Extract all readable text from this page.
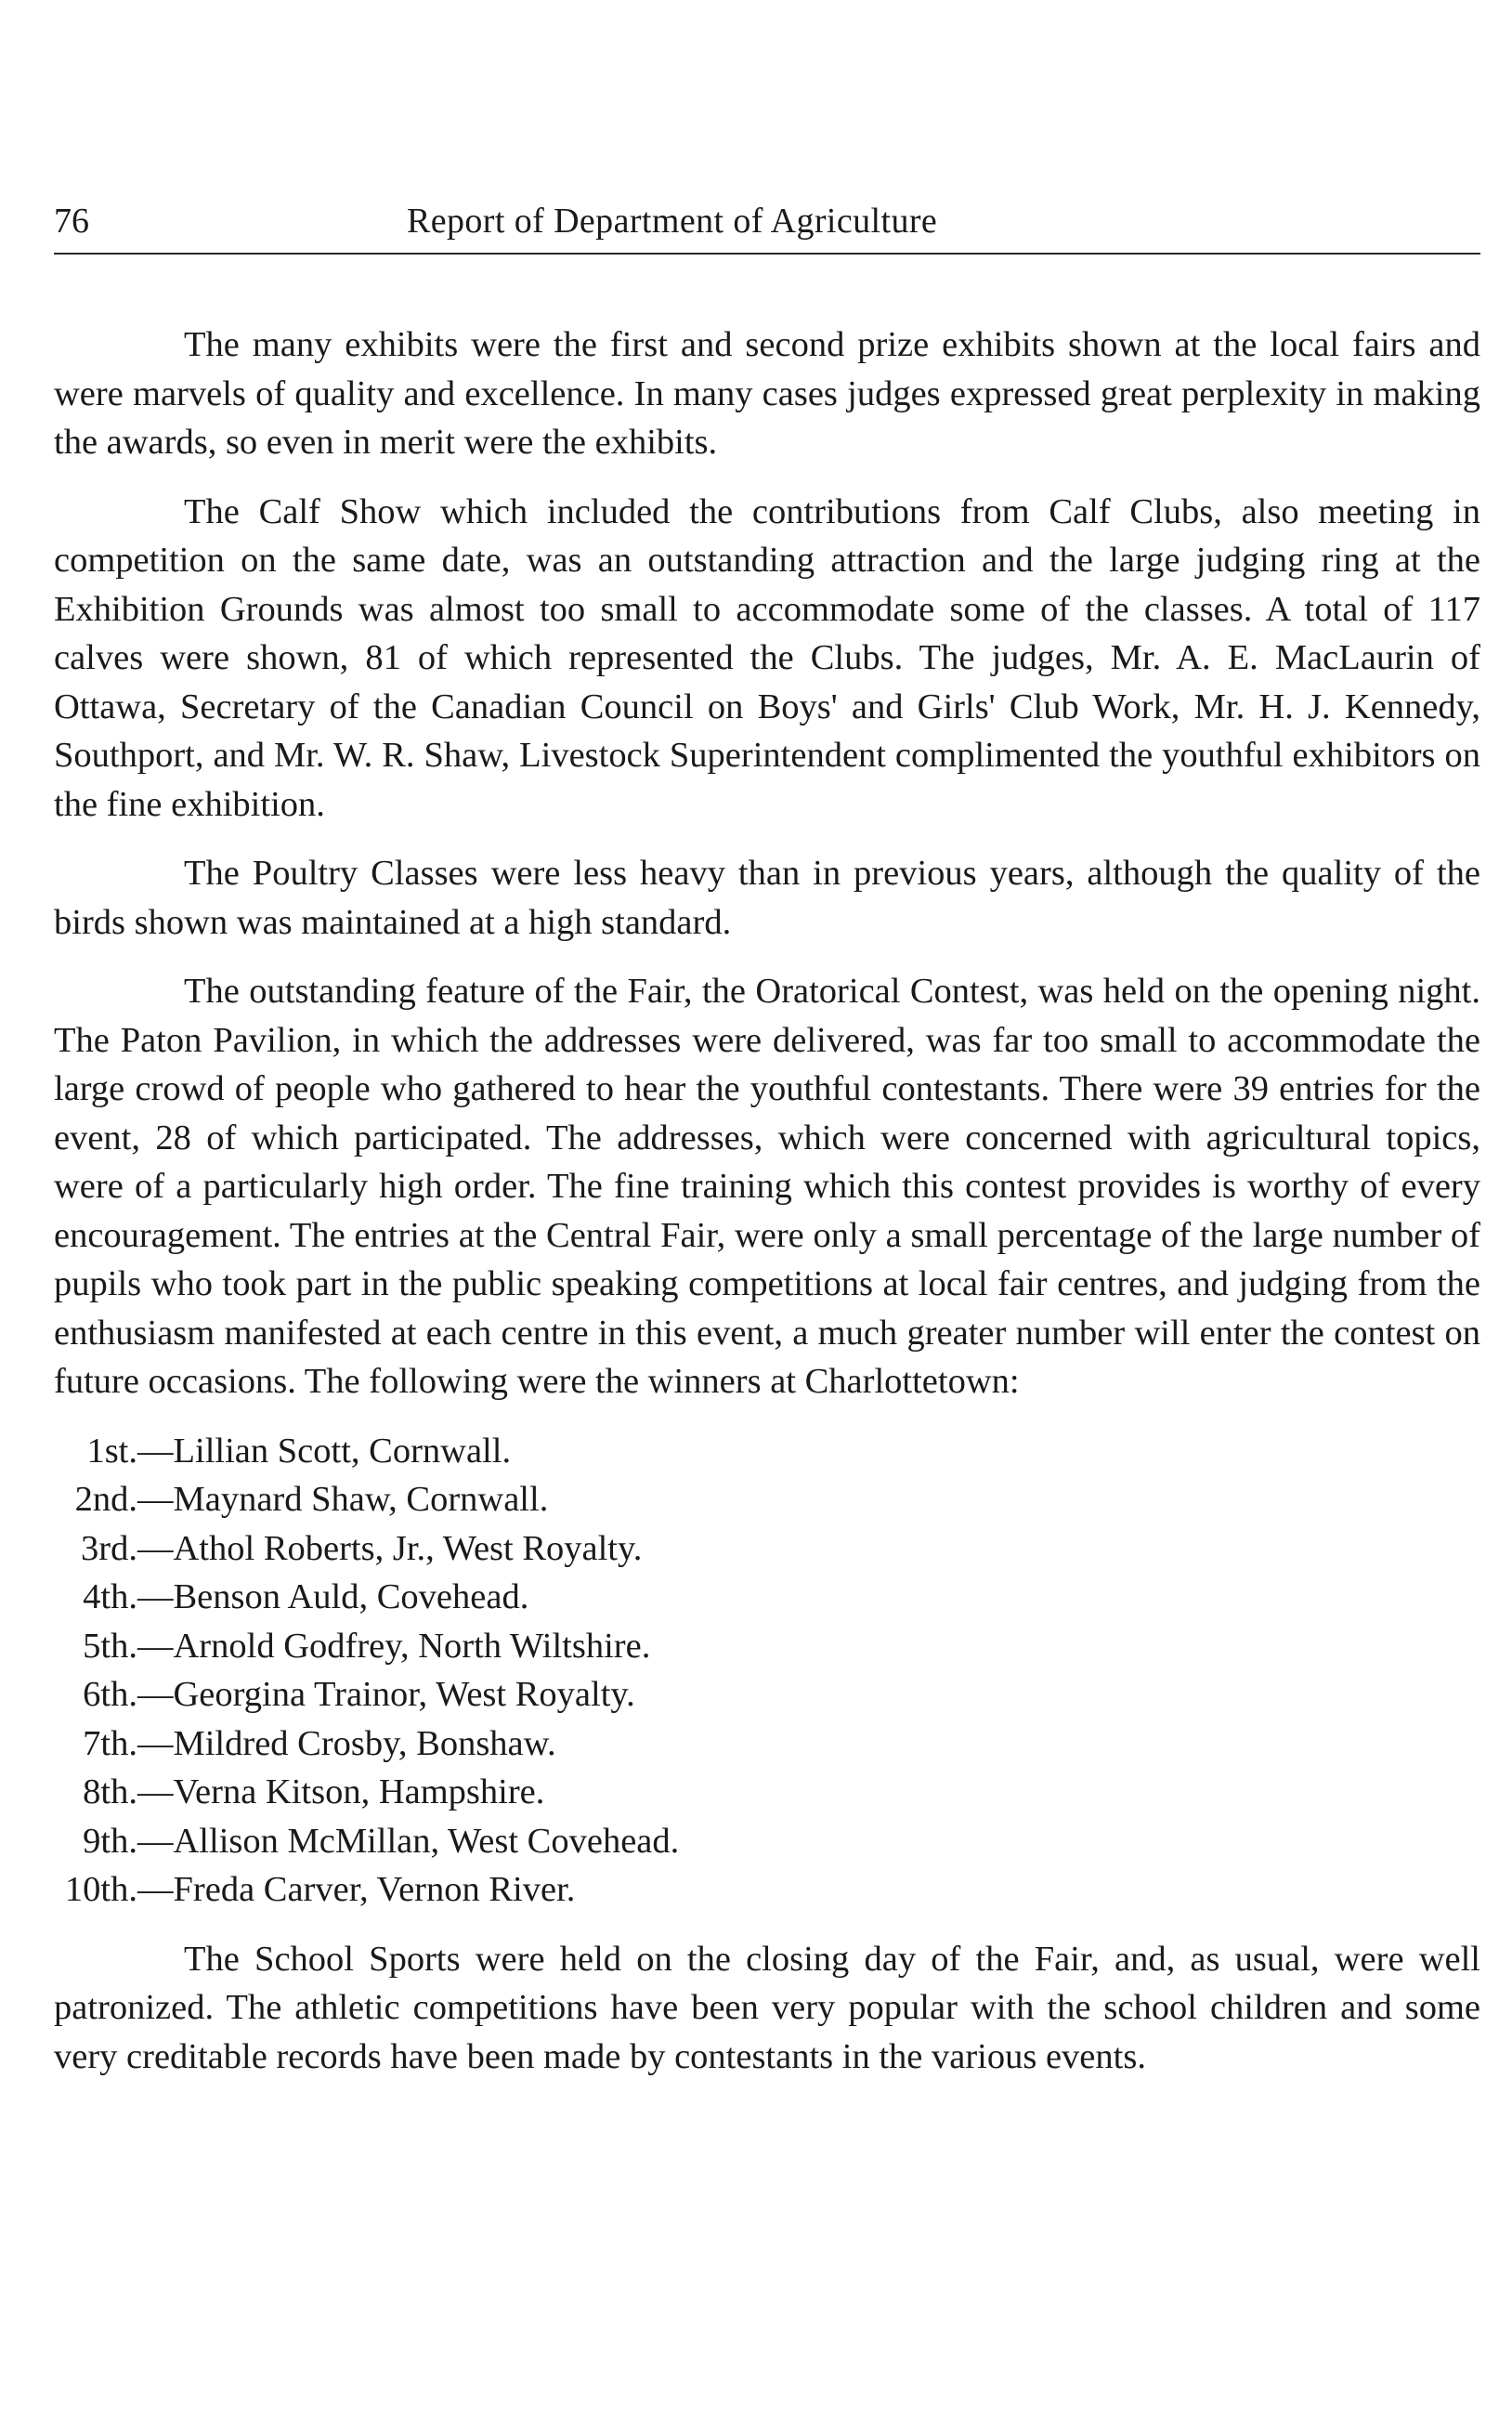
76	Report of Department of Agriculture

The many exhibits were the first and second prize exhibits shown at the local fairs and were marvels of quality and excellence. In many cases judges expressed great perplexity in making the awards, so even in merit were the exhibits.

The Calf Show which included the contributions from Calf Clubs, also meeting in competition on the same date, was an outstanding attraction and the large judging ring at the Exhibition Grounds was almost too small to accommodate some of the classes. A total of 117 calves were shown, 81 of which represented the Clubs. The judges, Mr. A. E. MacLaurin of Ottawa, Secretary of the Canadian Council on Boys' and Girls' Club Work, Mr. H. J. Kennedy, Southport, and Mr. W. R. Shaw, Livestock Superintendent complimented the youthful exhibitors on the fine exhibition.

The Poultry Classes were less heavy than in previous years, although the quality of the birds shown was maintained at a high standard.

The outstanding feature of the Fair, the Oratorical Contest, was held on the opening night. The Paton Pavilion, in which the addresses were delivered, was far too small to accommodate the large crowd of people who gathered to hear the youthful contestants. There were 39 entries for the event, 28 of which participated. The addresses, which were concerned with agricultural topics, were of a particularly high order. The fine training which this contest provides is worthy of every encouragement. The entries at the Central Fair, were only a small percentage of the large number of pupils who took part in the public speaking competitions at local fair centres, and judging from the enthusiasm manifested at each centre in this event, a much greater number will enter the contest on future occasions. The following were the winners at Charlottetown:

1st.—Lillian Scott, Cornwall.
2nd.—Maynard Shaw, Cornwall.
3rd.—Athol Roberts, Jr., West Royalty.
4th.—Benson Auld, Covehead.
5th.—Arnold Godfrey, North Wiltshire.
6th.—Georgina Trainor, West Royalty.
7th.—Mildred Crosby, Bonshaw.
8th.—Verna Kitson, Hampshire.
9th.—Allison McMillan, West Covehead.
10th.—Freda Carver, Vernon River.

The School Sports were held on the closing day of the Fair, and, as usual, were well patronized. The athletic competitions have been very popular with the school children and some very creditable records have been made by contestants in the various events.
